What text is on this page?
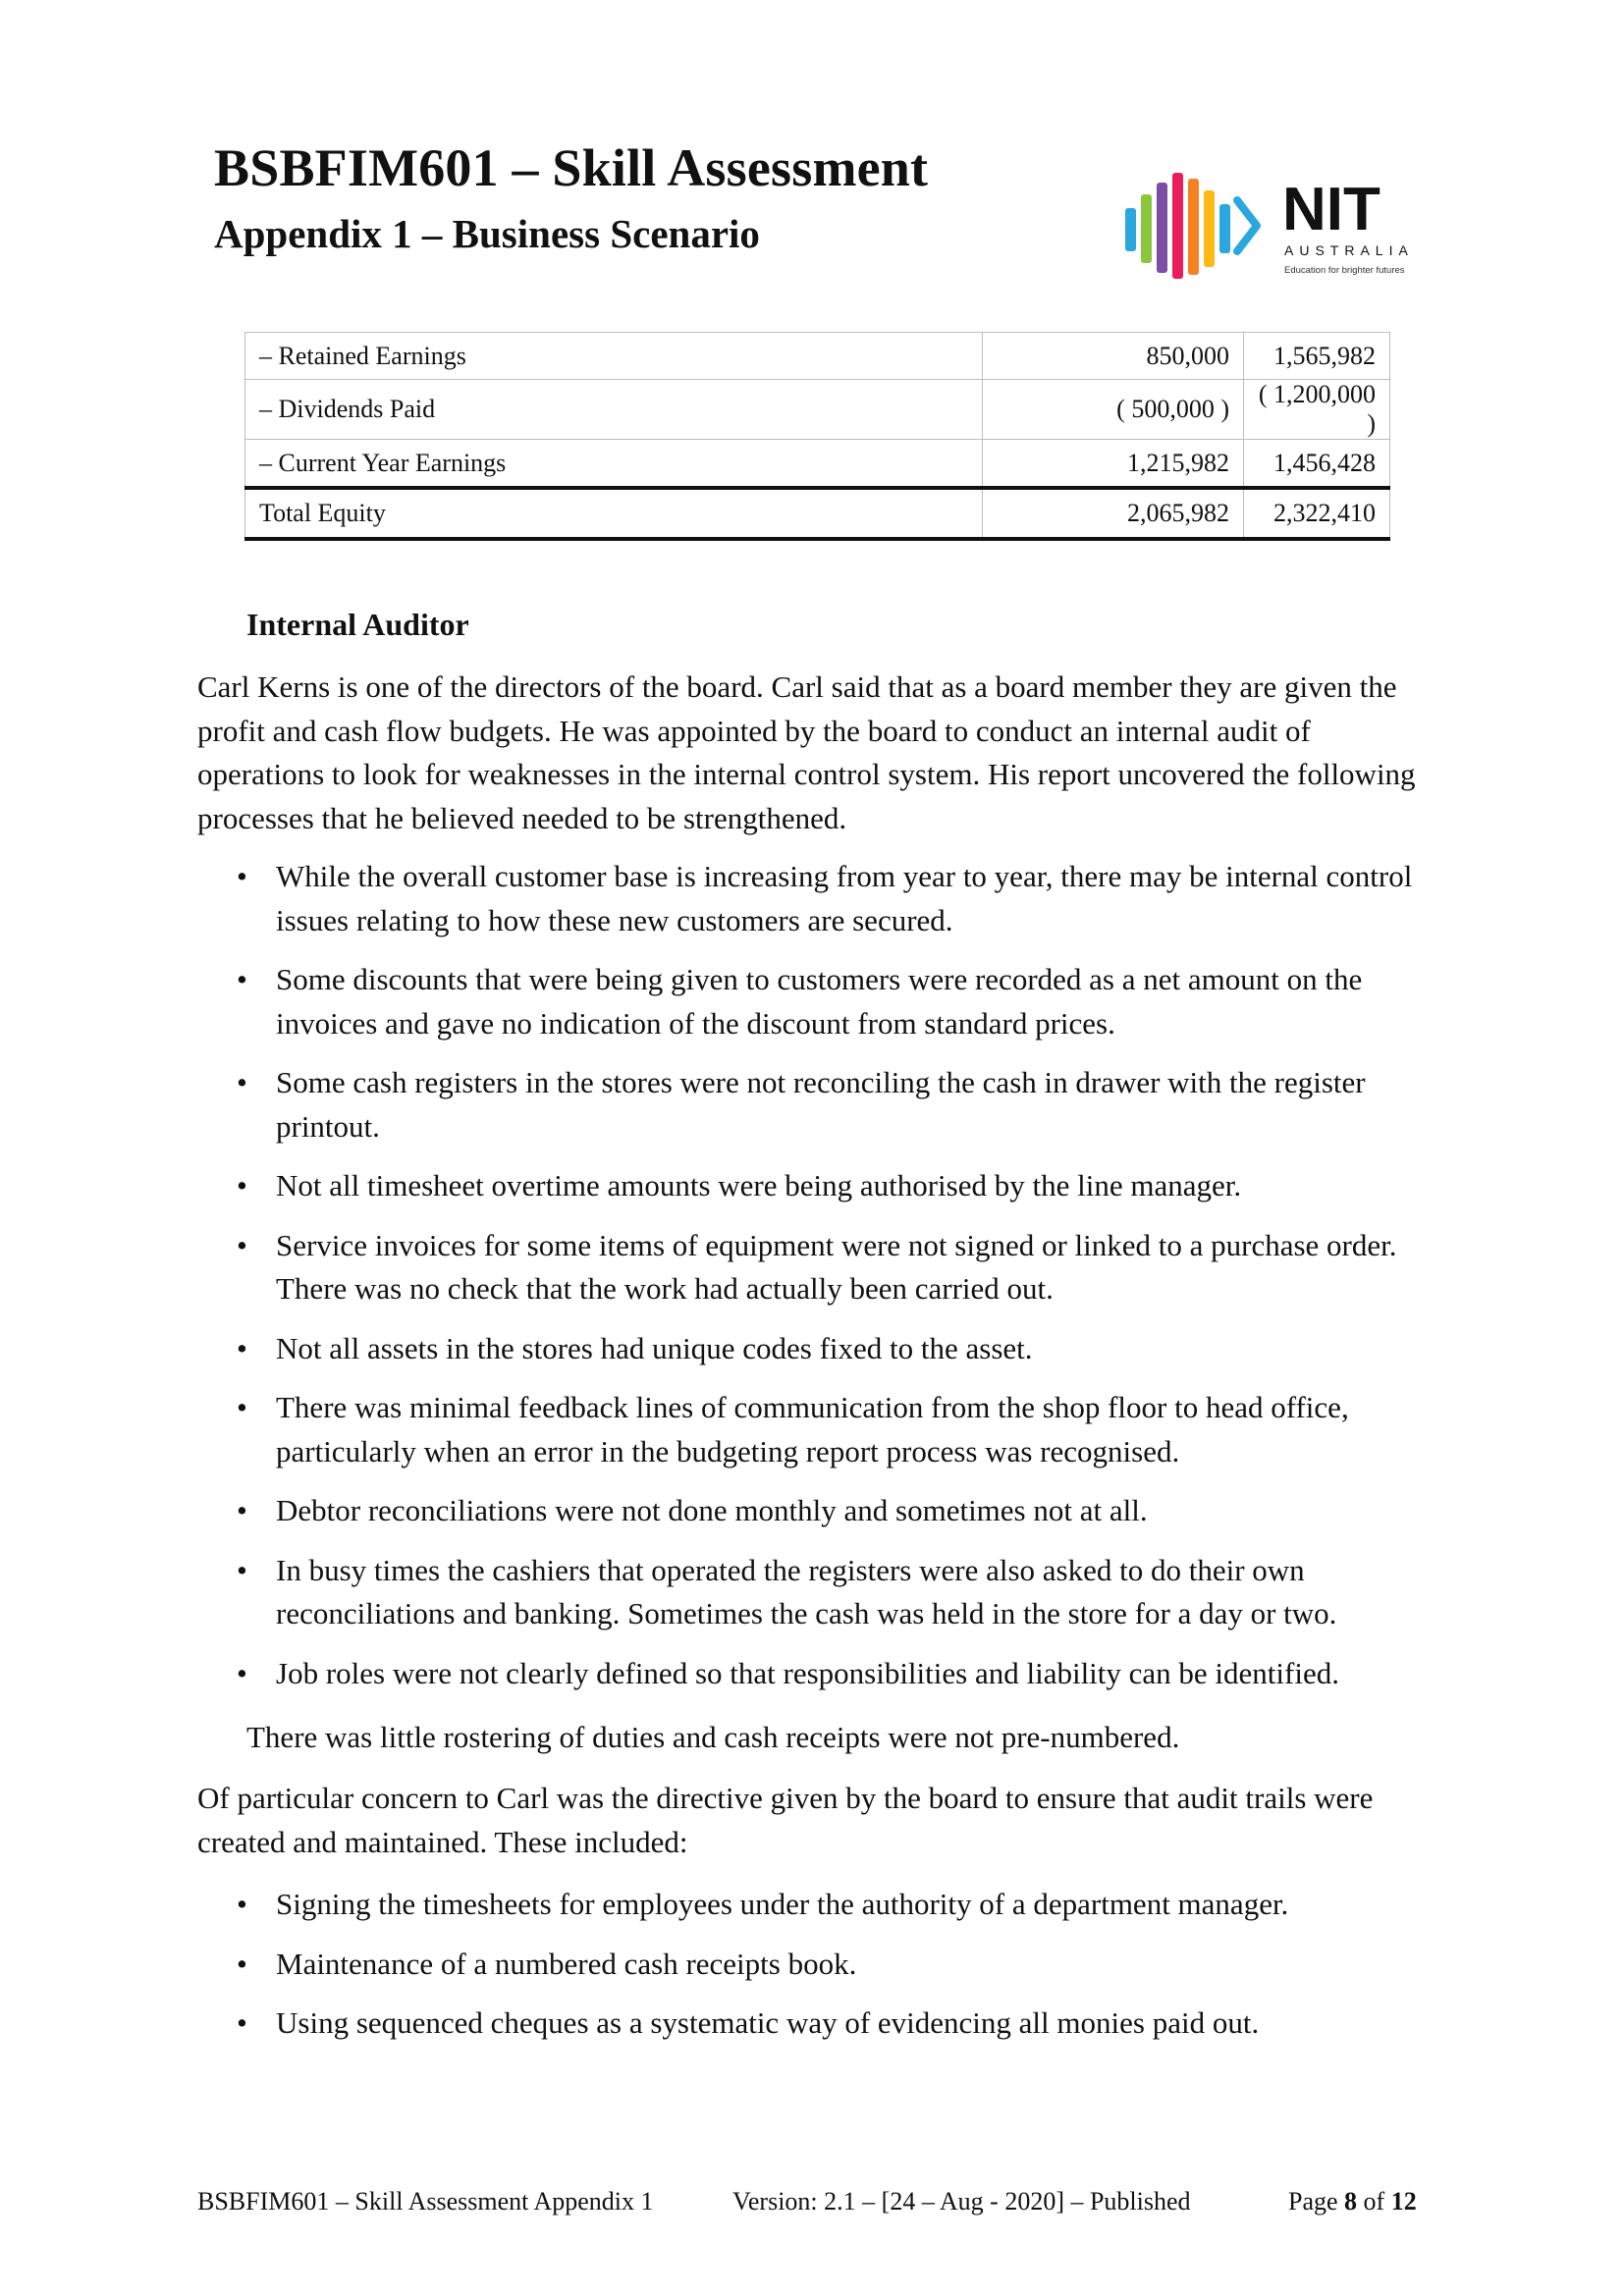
BSBFIM601 – Skill Assessment
Appendix 1 – Business Scenario	NIT
AUSTRALIA
Education for brighter futures
– Retained Earnings	850,000	1,565,982
– Dividends Paid	( 500,000 )	( 1,200,000 )
– Current Year Earnings	1,215,982	1,456,428
Total Equity	2,065,982	2,322,410
Internal Auditor

Carl Kerns is one of the directors of the board. Carl said that as a board member they are given the profit and cash flow budgets. He was appointed by the board to conduct an internal audit of operations to look for weaknesses in the internal control system. His report uncovered the following processes that he believed needed to be strengthened.

• While the overall customer base is increasing from year to year, there may be internal control issues relating to how these new customers are secured.
• Some discounts that were being given to customers were recorded as a net amount on the invoices and gave no indication of the discount from standard prices.
• Some cash registers in the stores were not reconciling the cash in drawer with the register printout.
• Not all timesheet overtime amounts were being authorised by the line manager.
• Service invoices for some items of equipment were not signed or linked to a purchase order. There was no check that the work had actually been carried out.
• Not all assets in the stores had unique codes fixed to the asset.
• There was minimal feedback lines of communication from the shop floor to head office, particularly when an error in the budgeting report process was recognised.
• Debtor reconciliations were not done monthly and sometimes not at all.
• In busy times the cashiers that operated the registers were also asked to do their own reconciliations and banking. Sometimes the cash was held in the store for a day or two.
• Job roles were not clearly defined so that responsibilities and liability can be identified.

There was little rostering of duties and cash receipts were not pre-numbered.

Of particular concern to Carl was the directive given by the board to ensure that audit trails were created and maintained. These included:

• Signing the timesheets for employees under the authority of a department manager.
• Maintenance of a numbered cash receipts book.
• Using sequenced cheques as a systematic way of evidencing all monies paid out.
BSBFIM601 – Skill Assessment Appendix 1	Version: 2.1 – [24 – Aug - 2020] – Published	Page 8 of 12
